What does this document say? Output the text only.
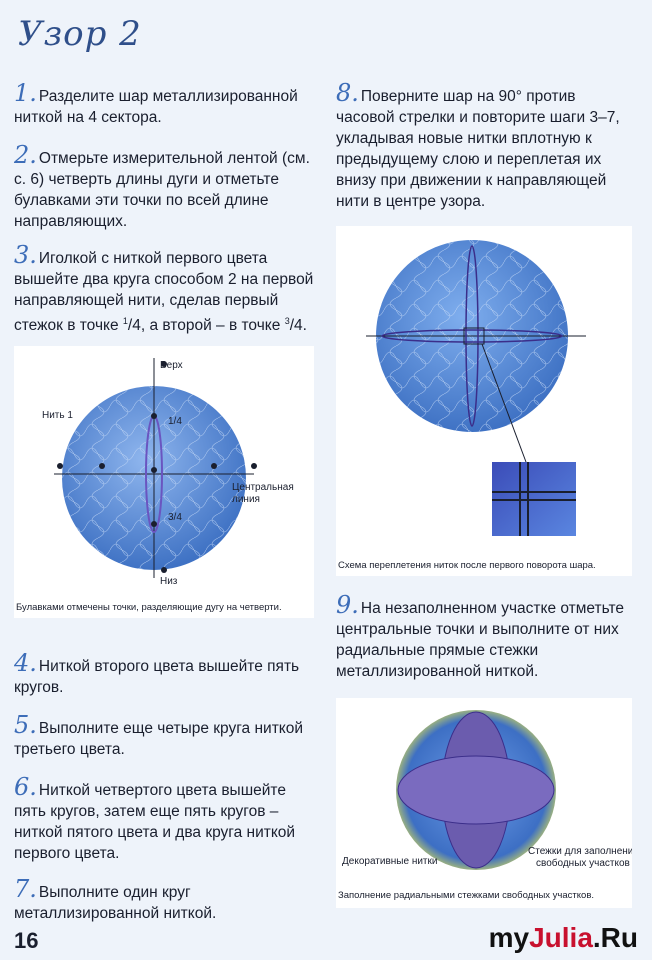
Узор 2
1. Разделите шар металлизированной ниткой на 4 сектора.
2. Отмерьте измерительной лентой (см. с. 6) четверть длины дуги и отметьте булавками эти точки по всей длине направляющих.
3. Иголкой с ниткой первого цвета вышейте два круга способом 2 на первой направляющей нити, сделав первый стежок в точке $^1$/4, а второй – в точке $^3$/4.
Верх
Низ
Нить 1
Центральная
линия
1/4
3/4
Булавками отмечены точки, разделяющие дугу на четверти.
4. Ниткой второго цвета вышейте пять кругов.
5. Выполните еще четыре круга ниткой третьего цвета.
6. Ниткой четвертого цвета вышейте пять кругов, затем еще пять кругов – ниткой пятого цвета и два круга ниткой первого цвета.
7. Выполните один круг металлизированной ниткой.
8. Поверните шар на 90° против часовой стрелки и повторите шаги 3–7, укладывая новые нитки вплотную к предыдущему слою и переплетая их внизу при движении к направляющей нити в центре узора.
Схема переплетения ниток после первого поворота шара.
9. На незаполненном участке отметьте центральные точки и выполните от них радиальные прямые стежки металлизированной ниткой.
Декоративные нитки
Стежки для заполнения
свободных участков
Заполнение радиальными стежками свободных участков.
16	myJulia.Ru
